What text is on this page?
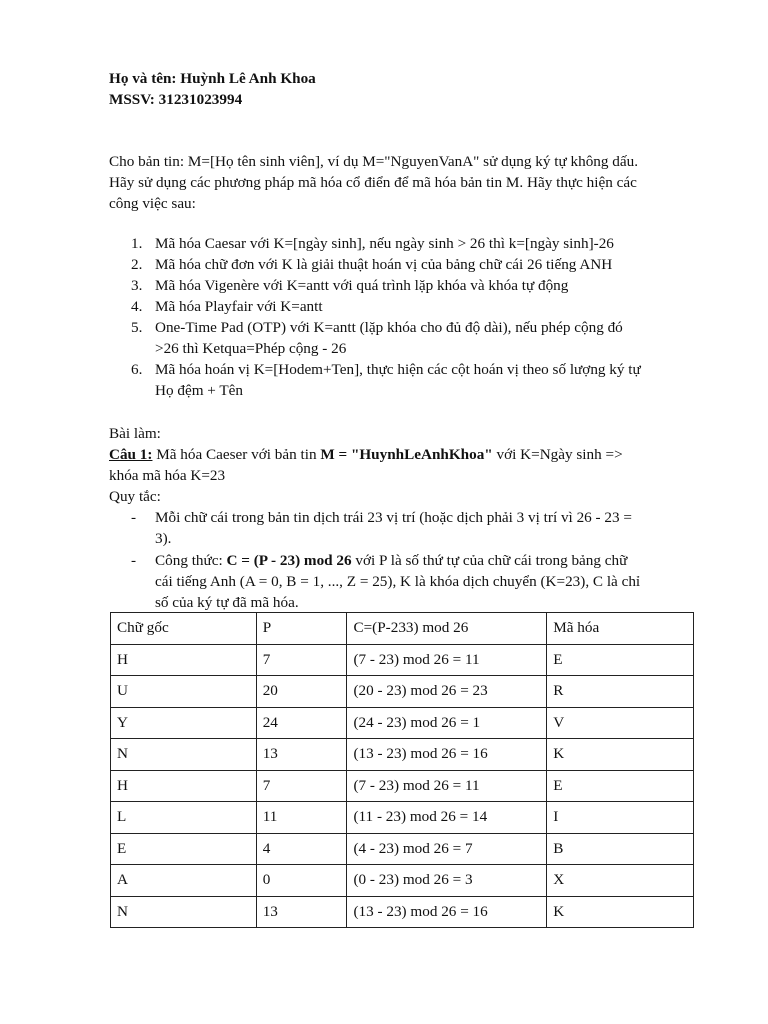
Họ và tên: Huỳnh Lê Anh Khoa
MSSV: 31231023994
Cho bản tin: M=[Họ tên sinh viên], ví dụ M="NguyenVanA" sử dụng ký tự không dấu.
Hãy sử dụng các phương pháp mã hóa cổ điển để mã hóa bản tin M. Hãy thực hiện các
công việc sau:
1. Mã hóa Caesar với K=[ngày sinh], nếu ngày sinh > 26 thì k=[ngày sinh]-26
2. Mã hóa chữ đơn với K là giải thuật hoán vị của bảng chữ cái 26 tiếng ANH
3. Mã hóa Vigenère với K=antt với quá trình lặp khóa và khóa tự động
4. Mã hóa Playfair với K=antt
5. One-Time Pad (OTP) với K=antt (lặp khóa cho đủ độ dài), nếu phép cộng đó
>26 thì Ketqua=Phép cộng - 26
6. Mã hóa hoán vị K=[Hodem+Ten], thực hiện các cột hoán vị theo số lượng ký tự
Họ đệm + Tên
Bài làm:
Câu 1: Mã hóa Caeser với bản tin M = "HuynhLeAnhKhoa" với K=Ngày sinh =>
khóa mã hóa K=23
Quy tắc:
- Mỗi chữ cái trong bản tin dịch trái 23 vị trí (hoặc dịch phải 3 vị trí vì 26 - 23 =
3).
- Công thức: C = (P - 23) mod 26 với P là số thứ tự của chữ cái trong bảng chữ
cái tiếng Anh (A = 0, B = 1, ..., Z = 25), K là khóa dịch chuyển (K=23), C là chỉ
số của ký tự đã mã hóa.
Chữ gốc	P	C=(P-233) mod 26	Mã hóa
H	7	(7 - 23) mod 26 = 11	E
U	20	(20 - 23) mod 26 = 23	R
Y	24	(24 - 23) mod 26 = 1	V
N	13	(13 - 23) mod 26 = 16	K
H	7	(7 - 23) mod 26 = 11	E
L	11	(11 - 23) mod 26 = 14	I
E	4	(4 - 23) mod 26 = 7	B
A	0	(0 - 23) mod 26 = 3	X
N	13	(13 - 23) mod 26 = 16	K
